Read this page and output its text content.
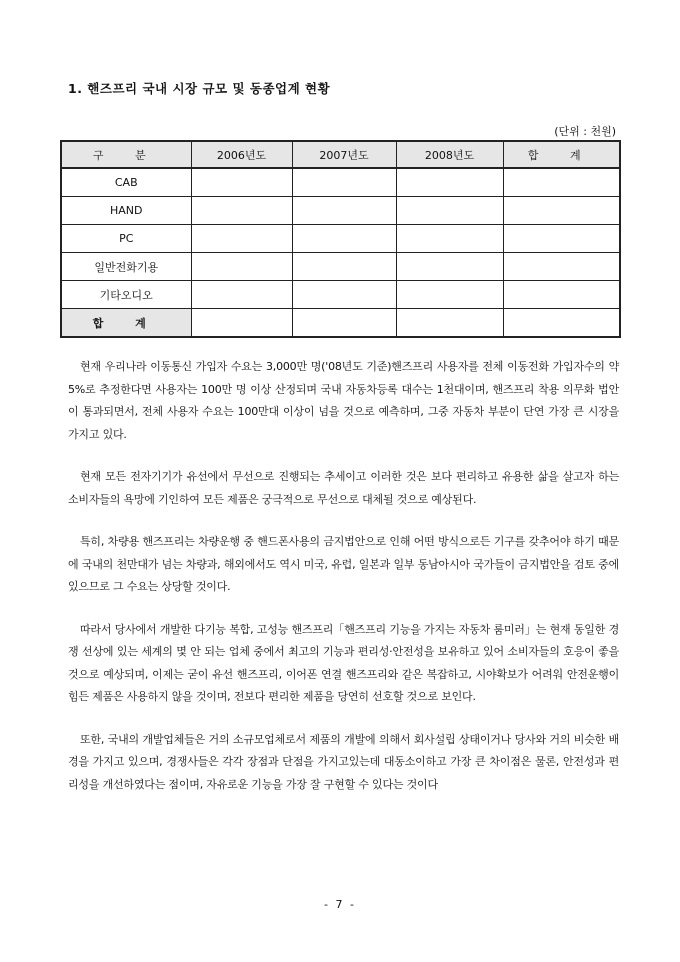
1. 핸즈프리 국내 시장 규모 및 동종업계 현황
(단위 : 천원)
구 분	2006년도	2007년도	2008년도	합 계
CAB				
HAND				
PC				
일반전화기용				
기타오디오				
합 계				

현재 우리나라 이동통신 가입자 수요는 3,000만 명('08년도 기준)핸즈프리 사용자를 전체 이동전화 가입자수의 약5%로 추정한다면 사용자는 100만 명 이상 산정되며 국내 자동차등록 대수는 1천대이며, 핸즈프리 착용 의무화 법안이 통과되면서, 전체 사용자 수요는 100만대 이상이 넘을 것으로 예측하며, 그중 자동차 부분이 단연 가장 큰 시장을 가지고 있다.

현재 모든 전자기기가 유선에서 무선으로 진행되는 추세이고 이러한 것은 보다 편리하고 유용한 삶을 살고자 하는 소비자들의 욕망에 기인하여 모든 제품은 궁극적으로 무선으로 대체될 것으로 예상된다.

특히, 차량용 핸즈프리는 차량운행 중 핸드폰사용의 금지법안으로 인해 어떤 방식으로든 기구를 갖추어야 하기 때문에 국내의 천만대가 넘는 차량과, 해외에서도 역시 미국, 유럽, 일본과 일부 동남아시아 국가들이 금지법안을 검토 중에 있으므로 그 수요는 상당할 것이다.

따라서 당사에서 개발한 다기능 복합, 고성능 핸즈프리「핸즈프리 기능을 가지는 자동차 룸미러」는 현재 동일한 경쟁 선상에 있는 세계의 몇 안 되는 업체 중에서 최고의 기능과 편리성·안전성을 보유하고 있어 소비자들의 호응이 좋을 것으로 예상되며, 이제는 굳이 유선 핸즈프리, 이어폰 연결 핸즈프리와 같은 복잡하고, 시야확보가 어려워 안전운행이 힘든 제품은 사용하지 않을 것이며, 전보다 편리한 제품을 당연히 선호할 것으로 보인다.

또한, 국내의 개발업체들은 거의 소규모업체로서 제품의 개발에 의해서 회사설립 상태이거나 당사와 거의 비슷한 배경을 가지고 있으며, 경쟁사들은 각각 장점과 단점을 가지고있는데 대동소이하고 가장 큰 차이점은 물론, 안전성과 편리성을 개선하였다는 점이며, 자유로운 기능을 가장 잘 구현할 수 있다는 것이다

- 7 -
